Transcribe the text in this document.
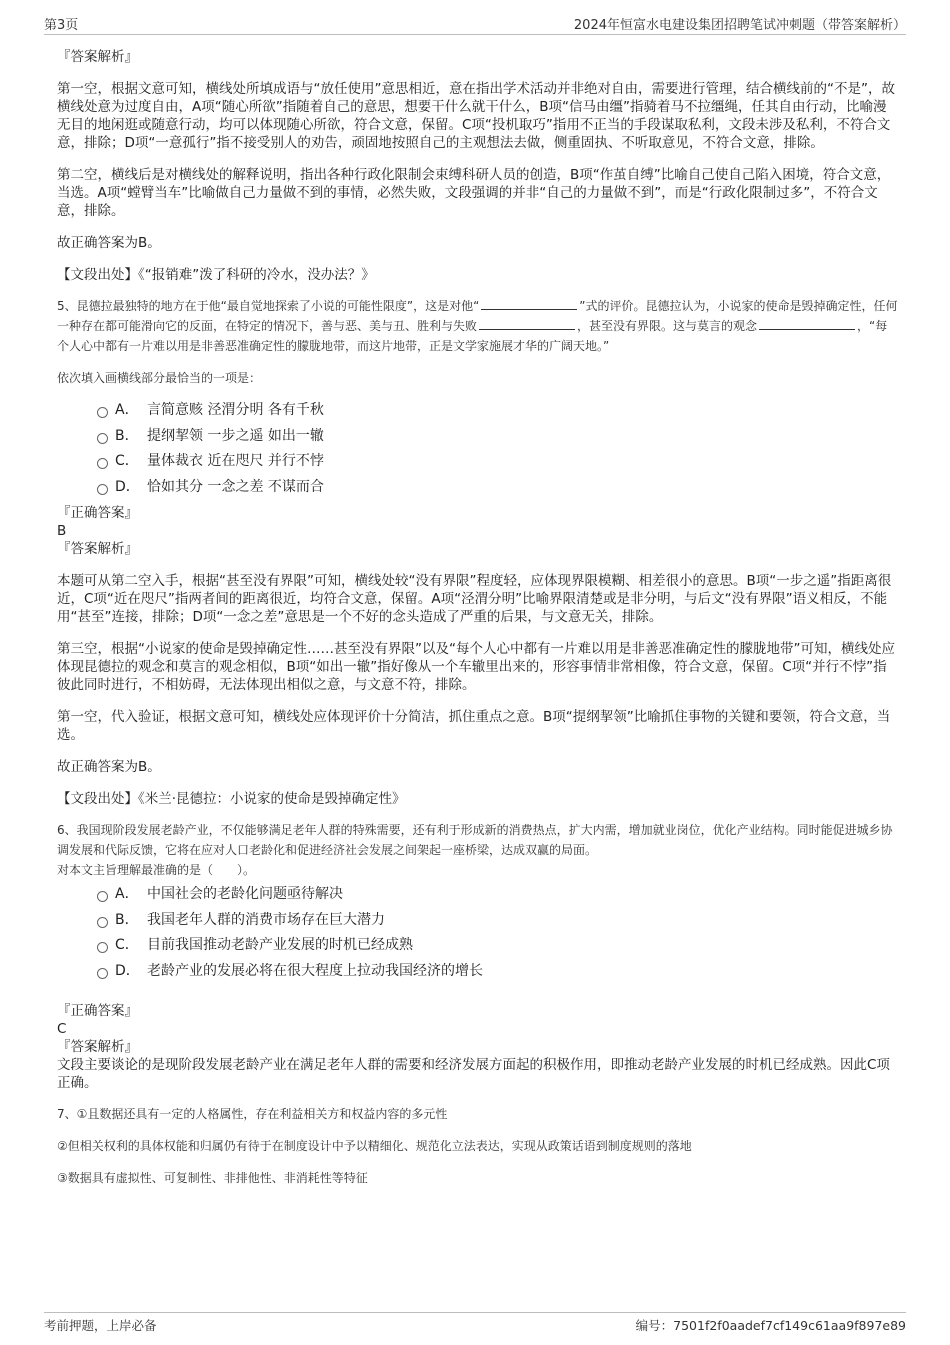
第3页	2024年恒富水电建设集团招聘笔试冲刺题（带答案解析）

『答案解析』

第一空，根据文意可知，横线处所填成语与“放任使用”意思相近，意在指出学术活动并非绝对自由，需要进行管理，结合横线前的“不是”，故横线处意为过度自由，A项“随心所欲”指随着自己的意思，想要干什么就干什么，B项“信马由缰”指骑着马不拉缰绳，任其自由行动，比喻漫无目的地闲逛或随意行动，均可以体现随心所欲，符合文意，保留。C项“投机取巧”指用不正当的手段谋取私利，文段未涉及私利，不符合文意，排除；D项“一意孤行”指不接受别人的劝告，顽固地按照自己的主观想法去做，侧重固执、不听取意见，不符合文意，排除。

第二空，横线后是对横线处的解释说明，指出各种行政化限制会束缚科研人员的创造，B项“作茧自缚”比喻自己使自己陷入困境，符合文意，当选。A项“螳臂当车”比喻做自己力量做不到的事情，必然失败，文段强调的并非“自己的力量做不到”，而是“行政化限制过多”，不符合文意，排除。

故正确答案为B。

【文段出处】《“报销难”泼了科研的冷水，没办法？》

5、昆德拉最独特的地方在于他“最自觉地探索了小说的可能性限度”，这是对他“	”式的评价。昆德拉认为，小说家的使命是毁掉确定性，任何一种存在都可能滑向它的反面，在特定的情况下，善与恶、美与丑、胜利与失败	，甚至没有界限。这与莫言的观念	，“每个人心中都有一片难以用是非善恶准确定性的朦胧地带，而这片地带，正是文学家施展才华的广阔天地。”

依次填入画横线部分最恰当的一项是：

A． 言简意赅 泾渭分明 各有千秋
B． 提纲挈领 一步之遥 如出一辙
C． 量体裁衣 近在咫尺 并行不悖
D． 恰如其分 一念之差 不谋而合

『正确答案』

B

『答案解析』

本题可从第二空入手，根据“甚至没有界限”可知，横线处较“没有界限”程度轻，应体现界限模糊、相差很小的意思。B项“一步之遥”指距离很近，C项“近在咫尺”指两者间的距离很近，均符合文意，保留。A项“泾渭分明”比喻界限清楚或是非分明，与后文“没有界限”语义相反，不能用“甚至”连接，排除；D项“一念之差”意思是一个不好的念头造成了严重的后果，与文意无关，排除。

第三空，根据“小说家的使命是毁掉确定性……甚至没有界限”以及“每个人心中都有一片难以用是非善恶准确定性的朦胧地带”可知，横线处应体现昆德拉的观念和莫言的观念相似，B项“如出一辙”指好像从一个车辙里出来的，形容事情非常相像，符合文意，保留。C项“并行不悖”指彼此同时进行，不相妨碍，无法体现出相似之意，与文意不符，排除。

第一空，代入验证，根据文意可知，横线处应体现评价十分简洁，抓住重点之意。B项“提纲挈领”比喻抓住事物的关键和要领，符合文意，当选。

故正确答案为B。

【文段出处】《米兰·昆德拉：小说家的使命是毁掉确定性》

6、我国现阶段发展老龄产业，不仅能够满足老年人群的特殊需要，还有利于形成新的消费热点，扩大内需，增加就业岗位，优化产业结构。同时能促进城乡协调发展和代际反馈，它将在应对人口老龄化和促进经济社会发展之间架起一座桥梁，达成双赢的局面。

对本文主旨理解最准确的是（　　）。

A． 中国社会的老龄化问题亟待解决
B． 我国老年人群的消费市场存在巨大潜力
C． 目前我国推动老龄产业发展的时机已经成熟
D． 老龄产业的发展必将在很大程度上拉动我国经济的增长

『正确答案』

C

『答案解析』

文段主要谈论的是现阶段发展老龄产业在满足老年人群的需要和经济发展方面起的积极作用，即推动老龄产业发展的时机已经成熟。因此C项正确。

7、①且数据还具有一定的人格属性，存在利益相关方和权益内容的多元性

②但相关权利的具体权能和归属仍有待于在制度设计中予以精细化、规范化立法表达，实现从政策话语到制度规则的落地

③数据具有虚拟性、可复制性、非排他性、非消耗性等特征

考前押题，上岸必备	编号：7501f2f0aadef7cf149c61aa9f897e89
